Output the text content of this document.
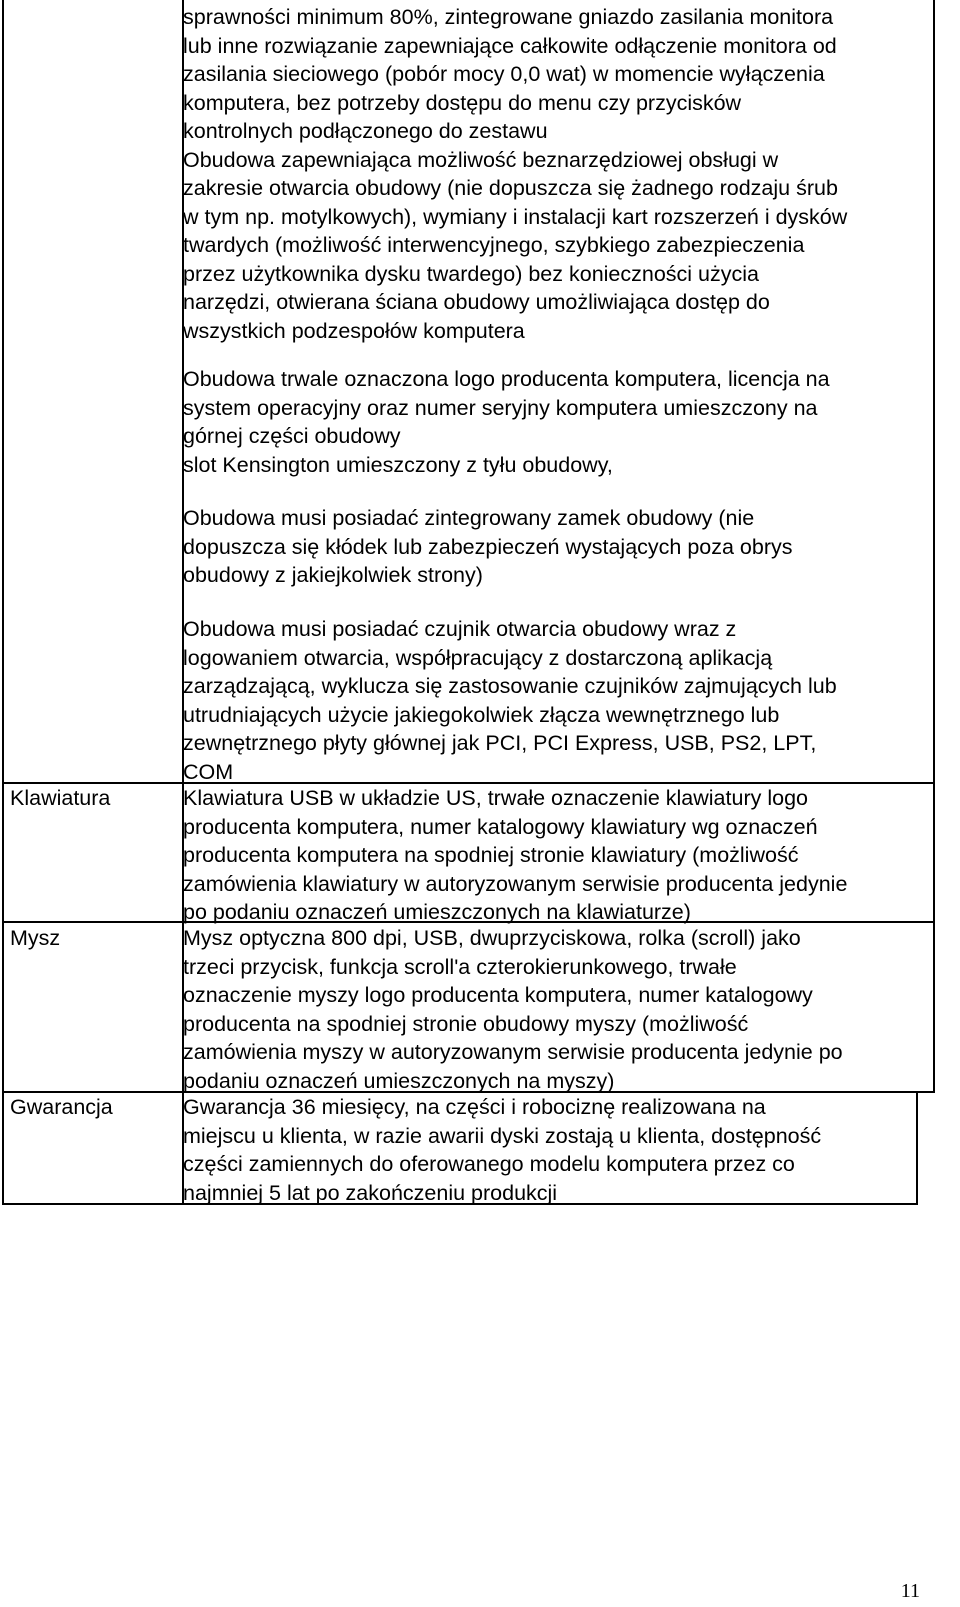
sprawności minimum 80%, zintegrowane gniazdo zasilania monitora
lub inne rozwiązanie zapewniające całkowite odłączenie monitora od
zasilania sieciowego (pobór mocy 0,0 wat) w momencie wyłączenia
komputera, bez potrzeby dostępu do menu czy przycisków
kontrolnych podłączonego do zestawu
Obudowa zapewniająca możliwość beznarzędziowej obsługi w
zakresie otwarcia obudowy (nie dopuszcza się żadnego rodzaju śrub
w tym np. motylkowych), wymiany i instalacji kart rozszerzeń i dysków
twardych (możliwość interwencyjnego, szybkiego zabezpieczenia
przez użytkownika dysku twardego) bez konieczności użycia
narzędzi, otwierana ściana obudowy umożliwiająca dostęp do
wszystkich podzespołów komputera
Obudowa trwale oznaczona logo producenta komputera, licencja na
system operacyjny oraz numer seryjny komputera umieszczony na
górnej części obudowy
slot Kensington umieszczony z tyłu obudowy,
Obudowa musi posiadać zintegrowany zamek obudowy (nie
dopuszcza się kłódek lub zabezpieczeń wystających poza obrys
obudowy z jakiejkolwiek strony)
Obudowa musi posiadać czujnik otwarcia obudowy wraz z
logowaniem otwarcia, współpracujący z dostarczoną aplikacją
zarządzającą, wyklucza się zastosowanie czujników zajmujących lub
utrudniających użycie jakiegokolwiek złącza wewnętrznego lub
zewnętrznego płyty głównej jak PCI, PCI Express, USB, PS2, LPT,
COM
Klawiatura	Klawiatura USB w układzie US, trwałe oznaczenie klawiatury logo
producenta komputera, numer katalogowy klawiatury wg oznaczeń
producenta komputera na spodniej stronie klawiatury (możliwość
zamówienia klawiatury w autoryzowanym serwisie producenta jedynie
po podaniu oznaczeń umieszczonych na klawiaturze)
Mysz	Mysz optyczna 800 dpi, USB, dwuprzyciskowa, rolka (scroll) jako
trzeci przycisk, funkcja scroll'a czterokierunkowego, trwałe
oznaczenie myszy logo producenta komputera, numer katalogowy
producenta na spodniej stronie obudowy myszy (możliwość
zamówienia myszy w autoryzowanym serwisie producenta jedynie po
podaniu oznaczeń umieszczonych na myszy)
Gwarancja	Gwarancja 36 miesięcy, na części i robociznę realizowana na
miejscu u klienta, w razie awarii dyski zostają u klienta, dostępność
części zamiennych do oferowanego modelu komputera przez co
najmniej 5 lat po zakończeniu produkcji
11
